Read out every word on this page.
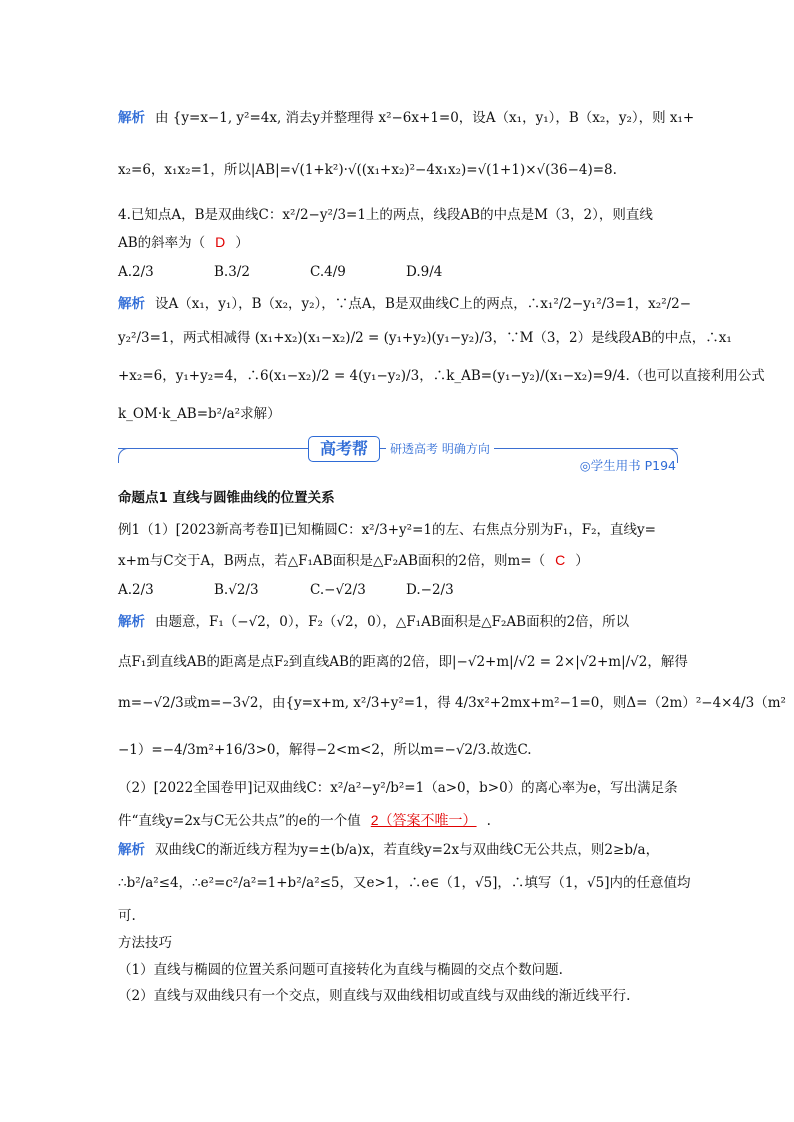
解析 由 {y=x−1, y²=4x, 消去y并整理得 x²−6x+1=0，设A（x₁，y₁），B（x₂，y₂），则 x₁+
x₂=6，x₁x₂=1，所以|AB|=√(1+k²)·√((x₁+x₂)²−4x₁x₂)=√(1+1)×√(36−4)=8.
4.已知点A，B是双曲线C：x²/2−y²/3=1上的两点，线段AB的中点是M（3，2），则直线
AB的斜率为（ D ）
A.2/3	B.3/2	C.4/9	D.9/4
解析 设A（x₁，y₁），B（x₂，y₂），∵点A，B是双曲线C上的两点，∴x₁²/2−y₁²/3=1，x₂²/2−
y₂²/3=1，两式相减得 (x₁+x₂)(x₁−x₂)/2 = (y₁+y₂)(y₁−y₂)/3，∵M（3，2）是线段AB的中点，∴x₁
+x₂=6，y₁+y₂=4，∴6(x₁−x₂)/2 = 4(y₁−y₂)/3，∴k_AB=(y₁−y₂)/(x₁−x₂)=9/4.（也可以直接利用公式
k_OM·k_AB=b²/a²求解）
高考帮	研透高考 明确方向
◎学生用书 P194
命题点1 直线与圆锥曲线的位置关系
例1（1）[2023新高考卷Ⅱ]已知椭圆C：x²/3+y²=1的左、右焦点分别为F₁，F₂，直线y=
x+m与C交于A，B两点，若△F₁AB面积是△F₂AB面积的2倍，则m=（ C ）
A.2/3	B.√2/3	C.−√2/3	D.−2/3
解析 由题意，F₁（−√2，0），F₂（√2，0），△F₁AB面积是△F₂AB面积的2倍，所以
点F₁到直线AB的距离是点F₂到直线AB的距离的2倍，即|−√2+m|/√2 = 2×|√2+m|/√2，解得
m=−√2/3或m=−3√2，由{y=x+m, x²/3+y²=1，得 4/3x²+2mx+m²−1=0，则Δ=（2m）²−4×4/3（m²
−1）=−4/3m²+16/3>0，解得−2<m<2，所以m=−√2/3.故选C.
（2）[2022全国卷甲]记双曲线C：x²/a²−y²/b²=1（a>0，b>0）的离心率为e，写出满足条
件“直线y=2x与C无公共点”的e的一个值 2（答案不唯一） .
解析 双曲线C的渐近线方程为y=±(b/a)x，若直线y=2x与双曲线C无公共点，则2≥b/a，
∴b²/a²≤4，∴e²=c²/a²=1+b²/a²≤5，又e>1，∴e∈（1，√5]，∴填写（1，√5]内的任意值均
可.
方法技巧
（1）直线与椭圆的位置关系问题可直接转化为直线与椭圆的交点个数问题.
（2）直线与双曲线只有一个交点，则直线与双曲线相切或直线与双曲线的渐近线平行.
